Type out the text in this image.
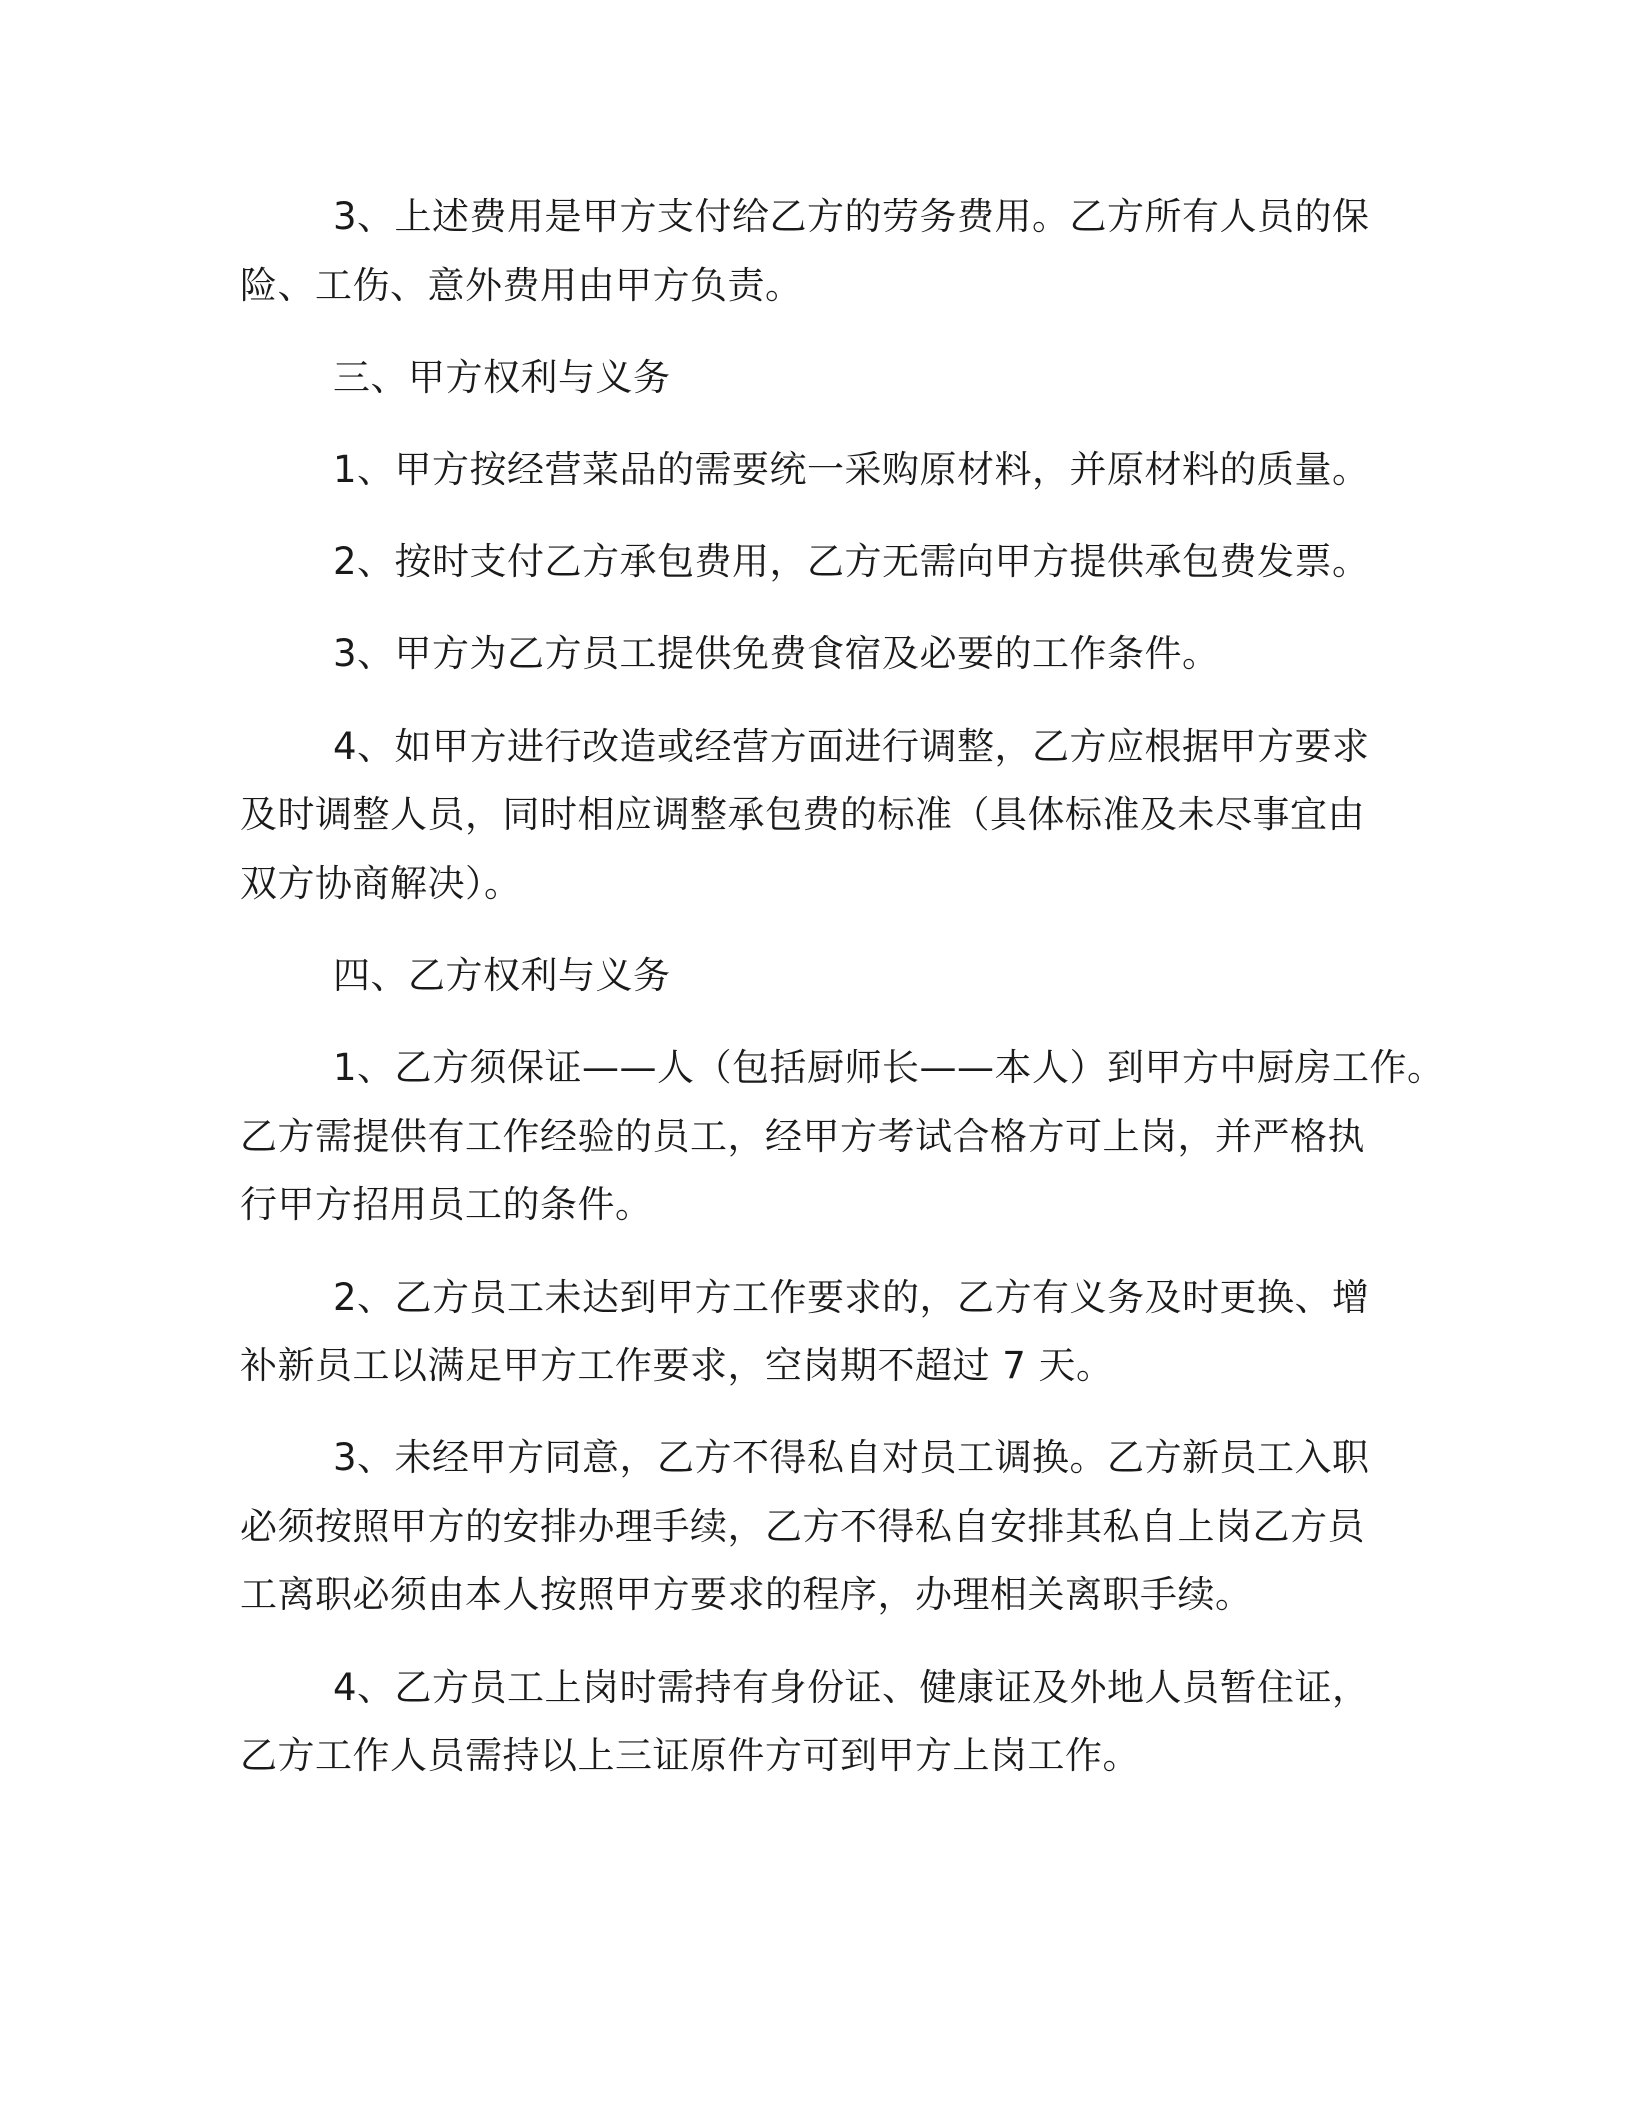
3、上述费用是甲方支付给乙方的劳务费用。乙方所有人员的保
险、工伤、意外费用由甲方负责。
三、甲方权利与义务
1、甲方按经营菜品的需要统一采购原材料，并原材料的质量。
2、按时支付乙方承包费用，乙方无需向甲方提供承包费发票。
3、甲方为乙方员工提供免费食宿及必要的工作条件。
4、如甲方进行改造或经营方面进行调整，乙方应根据甲方要求
及时调整人员，同时相应调整承包费的标准（具体标准及未尽事宜由
双方协商解决）。
四、乙方权利与义务
1、乙方须保证——人（包括厨师长——本人）到甲方中厨房工作。
乙方需提供有工作经验的员工，经甲方考试合格方可上岗，并严格执
行甲方招用员工的条件。
2、乙方员工未达到甲方工作要求的，乙方有义务及时更换、增
补新员工以满足甲方工作要求，空岗期不超过 7 天。
3、未经甲方同意，乙方不得私自对员工调换。乙方新员工入职
必须按照甲方的安排办理手续，乙方不得私自安排其私自上岗乙方员
工离职必须由本人按照甲方要求的程序，办理相关离职手续。
4、乙方员工上岗时需持有身份证、健康证及外地人员暂住证，
乙方工作人员需持以上三证原件方可到甲方上岗工作。
